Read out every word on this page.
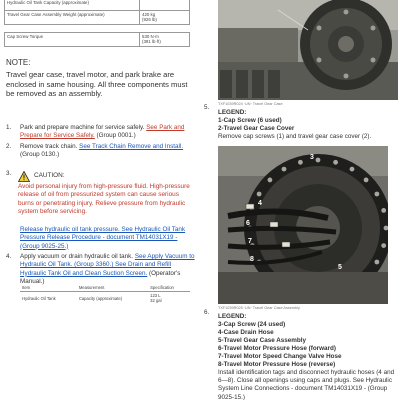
Hydraulic Oil Tank Capacity (approximate)	
Travel Gear Case Assembly Weight (approximate)	420 kg
(926 lb)

Cap Screw Torque	530 N·m
(391 lb·ft)
NOTE:
Travel gear case, travel motor, and park brake are enclosed in same housing. All three components must be removed as an assembly.
1. Park and prepare machine for service safely. See Park and Prepare for Service Safely. (Group 0001.)
2. Remove track chain. See Track Chain Remove and Install. (Group 0130.)
3.	CAUTION:
Avoid personal injury from high-pressure fluid. High-pressure release of oil from pressurized system can cause serious burns or penetrating injury. Relieve pressure from hydraulic system before servicing.
Release hydraulic oil tank pressure. See Hydraulic Oil Tank Pressure Release Procedure - document TM14031X19 - (Group 9025-25.)
4. Apply vacuum or drain hydraulic oil tank. See Apply Vacuum to Hydraulic Oil Tank. (Group 3360.) See Drain and Refill Hydraulic Tank Oil and Clean Suction Screen. (Operator's Manual.)
Item	Measurement	Specification
Hydraulic Oil Tank	Capacity (approximate)	123 L
32 gal
TXF1039R024 ·UN· Travel Gear Case
5.
LEGEND:
1-Cap Screw (6 used)
2-Travel Gear Case Cover
Remove cap screws (1) and travel gear case cover (2).
3
4
5
6
7
8
TXF1039R025 ·UN· Travel Gear Case Assembly
6.
LEGEND:
3-Cap Screw (24 used)
4-Case Drain Hose
5-Travel Gear Case Assembly
6-Travel Motor Pressure Hose (forward)
7-Travel Motor Speed Change Valve Hose
8-Travel Motor Pressure Hose (reverse)
Install identification tags and disconnect hydraulic hoses (4 and 6—8). Close all openings using caps and plugs. See Hydraulic System Line Connections - document TM14031X19 - (Group 9025-15.)
